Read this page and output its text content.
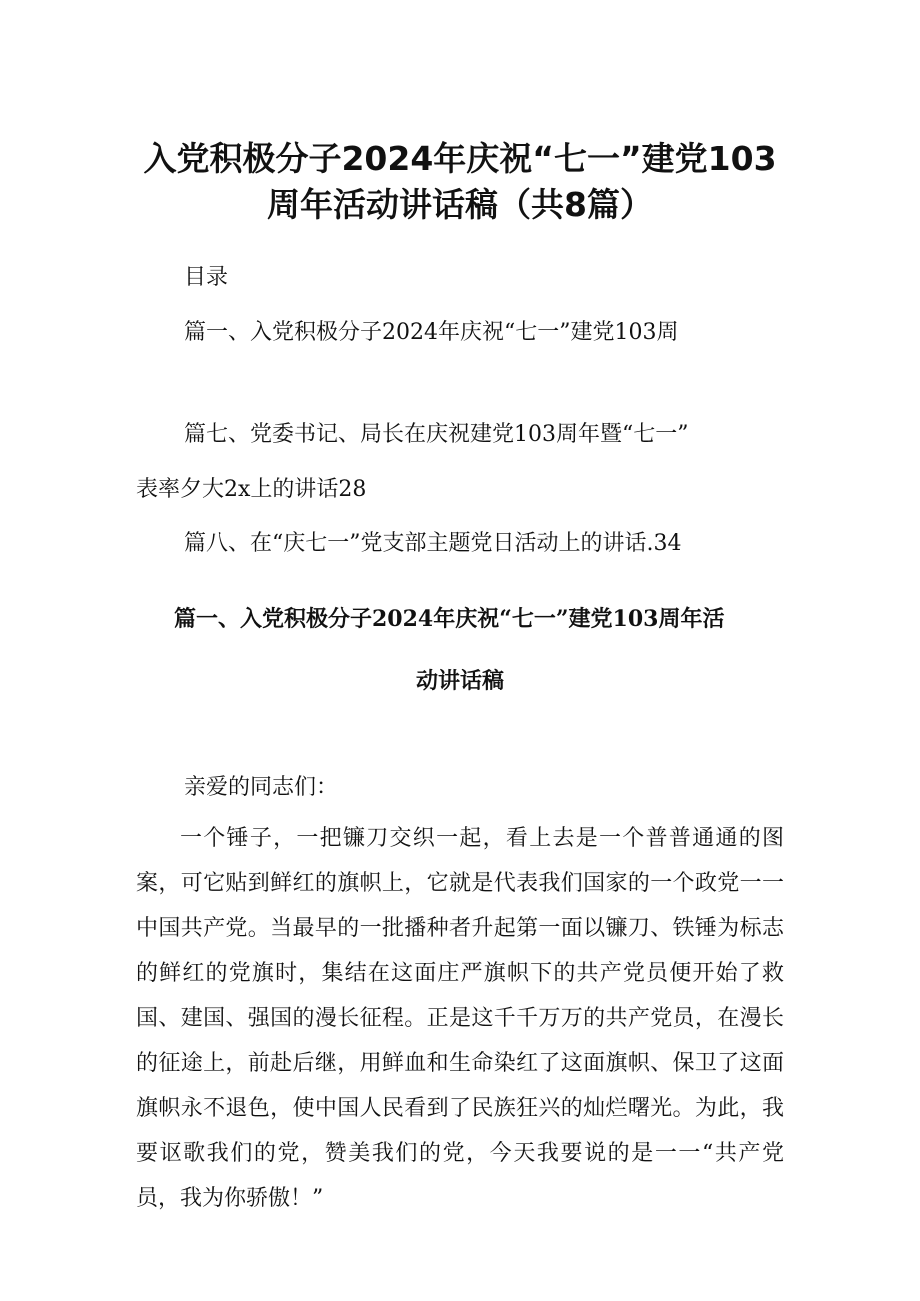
入党积极分子2024年庆祝“七一”建党103
周年活动讲话稿（共8篇）

目录

篇一、入党积极分子2024年庆祝“七一”建党103周

篇七、党委书记、局长在庆祝建党103周年暨“七一”

表率夕大2x上的讲话28

篇八、在“庆七一”党支部主题党日活动上的讲话.34

篇一、入党积极分子2024年庆祝“七一”建党103周年活
动讲话稿

亲爱的同志们：

一个锤子，一把镰刀交织一起，看上去是一个普普通通的图案，可它贴到鲜红的旗帜上，它就是代表我们国家的一个政党一一中国共产党。当最早的一批播种者升起第一面以镰刀、铁锤为标志的鲜红的党旗时，集结在这面庄严旗帜下的共产党员便开始了救国、建国、强国的漫长征程。正是这千千万万的共产党员，在漫长的征途上，前赴后继，用鲜血和生命染红了这面旗帜、保卫了这面旗帜永不退色，使中国人民看到了民族狂兴的灿烂曙光。为此，我要讴歌我们的党，赞美我们的党，今天我要说的是一一“共产党员，我为你骄傲！”
